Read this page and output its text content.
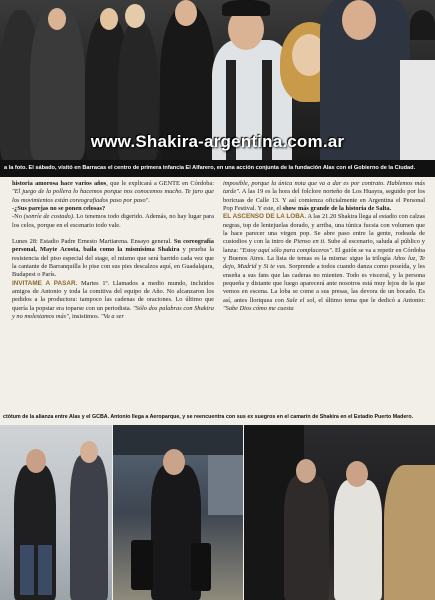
www.Shakira-argentina.com.ar
a la foto. El sábado, visitó en Barracas el centro de primera infancia El Alfarero, en una acción conjunta de la fundación Alas con el Gobierno de la Ciudad.

historia amorosa hace varios años, que le explicará a GENTE en Córdoba: "El juego de la pollera lo hacemos porque nos conocemos mucho. Te juro que los movimientos están coreografiados paso por paso".

-¿Sus parejas no se ponen celosas?
-No (sonríe de costado). Lo tenemos todo digerido. Además, no hay lugar para los celos, porque en el escenario todo vale.

Lunes 28: Estadio Padre Ernesto Martiarena. Ensayo general. Su coreografía personal, Mayte Acosta, baila como la mismísima Shakira y prueba la resistencia del piso especial del stage, el mismo que será barrido cada vez que la cantante de Barranquilla lo pise con sus pies descalzos aquí, en Guadalajara, Budapest o París.

INVITAME A PASAR. Martes 1º. Llamados a medio mundo, incluidos amigos de Antonio y toda la comitiva del equipo de Año. No alcanzaron los pedidos a la productora: tampoco las cadenas de oraciones. Lo último que quería la popstar era toparse con un periodista. "Sólo dos palabras con Shakira y no molestamos más", insistimos. "Va a ser

imposible, porque la única nota que va a dar es por contrato. Hablemos más tarde". A las 19 es la hora del folclore norteño de Los Huayra, seguido por los boricuas de Calle 13. Y así comienza oficialmente en Argentina el Personal Pop Festival. Y este, el show más grande de la historia de Salta.

EL ASCENSO DE LA LOBA. A las 21.20 Shakira llega al estadio con calzas negras, top de lentejuelas dorado, y arriba, una túnica fucsia con volumen que la hace parecer una virgen pop. Se abre paso entre la gente, rodeada de custodios y con la intro de Pienso en ti. Sube al escenario, saluda al público y lanza: "Estoy aquí sólo para complaceros". El guión se va a repetir en Córdoba y Buenos Aires. La lista de temas es la misma: sigue la trilogía Años luz, Te dejo, Madrid y Si te vas. Sorprende a todos cuando danza como poseída, y les enseña a sus fans que las caderas no mienten. Todo es visceral, y la persona pequeña y distante que luego aparecerá ante nosotros está muy lejos de la que vemos en escena. La loba se come a sus presas, las devora de un bocado. Es así, antes lloriquea con Sale el sol, el último tema que le dedicó a Antonio: "Sabe Dios cómo me cuesta

ctótum de la alianza entre Alas y el GCBA. Antonio llega a Aeroparque, y se reencuentra con sus ex suegros en el camarín de Shakira en el Estadio Puerto Madero.
